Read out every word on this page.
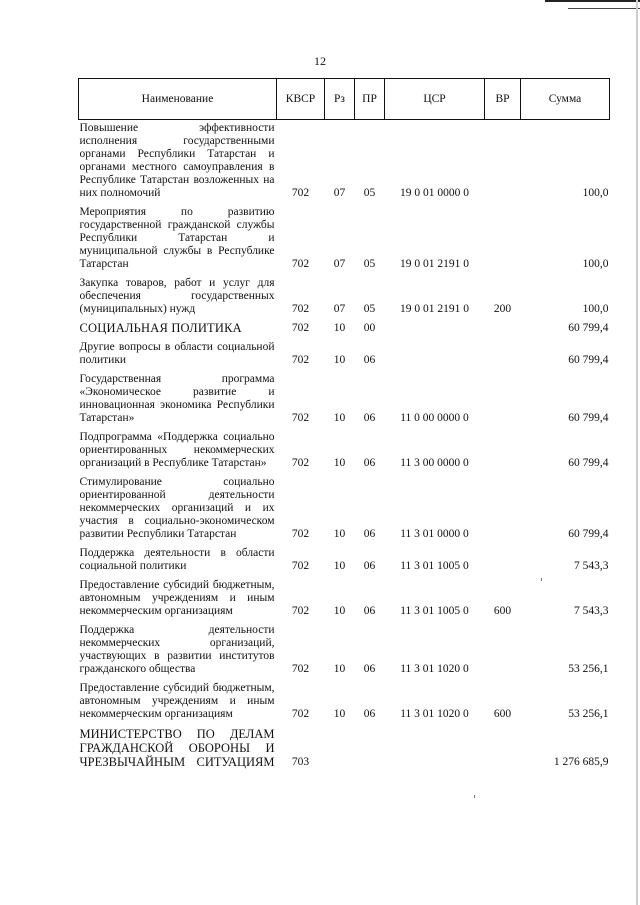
12
Наименование	КВСР	Рз	ПР	ЦСР	ВР	Сумма
Повышение эффективности исполнения государственными органами Республики Татарстан и органами местного самоуправления в Республике Татарстан возложенных на них полномочий	702	07	05	19 0 01 0000 0		100,0
Мероприятия по развитию государственной гражданской службы Республики Татарстан и муниципальной службы в Республике Татарстан	702	07	05	19 0 01 2191 0		100,0
Закупка товаров, работ и услуг для обеспечения государственных (муниципальных) нужд	702	07	05	19 0 01 2191 0	200	100,0
СОЦИАЛЬНАЯ ПОЛИТИКА	702	10	00			60 799,4
Другие вопросы в области социальной политики	702	10	06			60 799,4
Государственная программа «Экономическое развитие и инновационная экономика Республики Татарстан»	702	10	06	11 0 00 0000 0		60 799,4
Подпрограмма «Поддержка социально ориентированных некоммерческих организаций в Республике Татарстан»	702	10	06	11 3 00 0000 0		60 799,4
Стимулирование социально ориентированной деятельности некоммерческих организаций и их участия в социально-экономическом развитии Республики Татарстан	702	10	06	11 3 01 0000 0		60 799,4
Поддержка деятельности в области социальной политики	702	10	06	11 3 01 1005 0		7 543,3
Предоставление субсидий бюджетным, автономным учреждениям и иным некоммерческим организациям	702	10	06	11 3 01 1005 0	600	7 543,3
Поддержка деятельности некоммерческих организаций, участвующих в развитии институтов гражданского общества	702	10	06	11 3 01 1020 0		53 256,1
Предоставление субсидий бюджетным, автономным учреждениям и иным некоммерческим организациям	702	10	06	11 3 01 1020 0	600	53 256,1
МИНИСТЕРСТВО ПО ДЕЛАМ ГРАЖДАНСКОЙ ОБОРОНЫ И ЧРЕЗВЫЧАЙНЫМ СИТУАЦИЯМ	703					1 276 685,9
